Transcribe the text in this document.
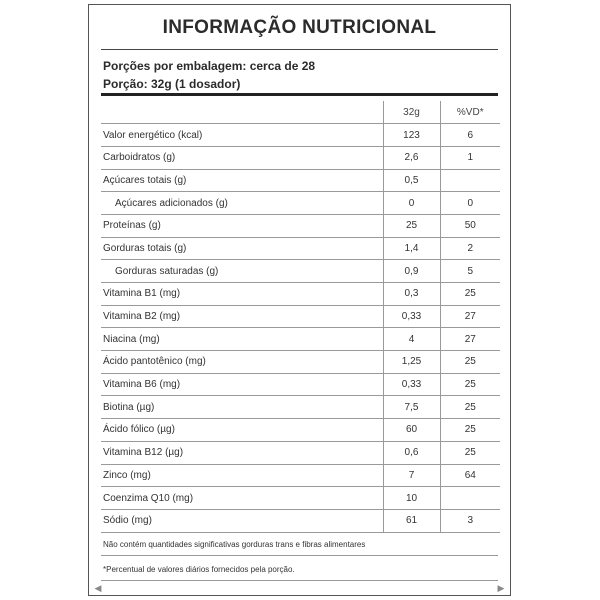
INFORMAÇÃO NUTRICIONAL
Porções por embalagem: cerca de 28
Porção: 32g (1 dosador)
	32g	%VD*
Valor energético (kcal)	123	6
Carboidratos (g)	2,6	1
Açúcares totais (g)	0,5	
Açúcares adicionados (g)	0	0
Proteínas (g)	25	50
Gorduras totais (g)	1,4	2
Gorduras saturadas (g)	0,9	5
Vitamina B1 (mg)	0,3	25
Vitamina B2 (mg)	0,33	27
Niacina (mg)	4	27
Ácido pantotênico (mg)	1,25	25
Vitamina B6 (mg)	0,33	25
Biotina (µg)	7,5	25
Ácido fólico (µg)	60	25
Vitamina B12 (µg)	0,6	25
Zinco (mg)	7	64
Coenzima Q10 (mg)	10	
Sódio (mg)	61	3
Não contém quantidades significativas gorduras trans e fibras alimentares
*Percentual de valores diários fornecidos pela porção.
◀	▶
